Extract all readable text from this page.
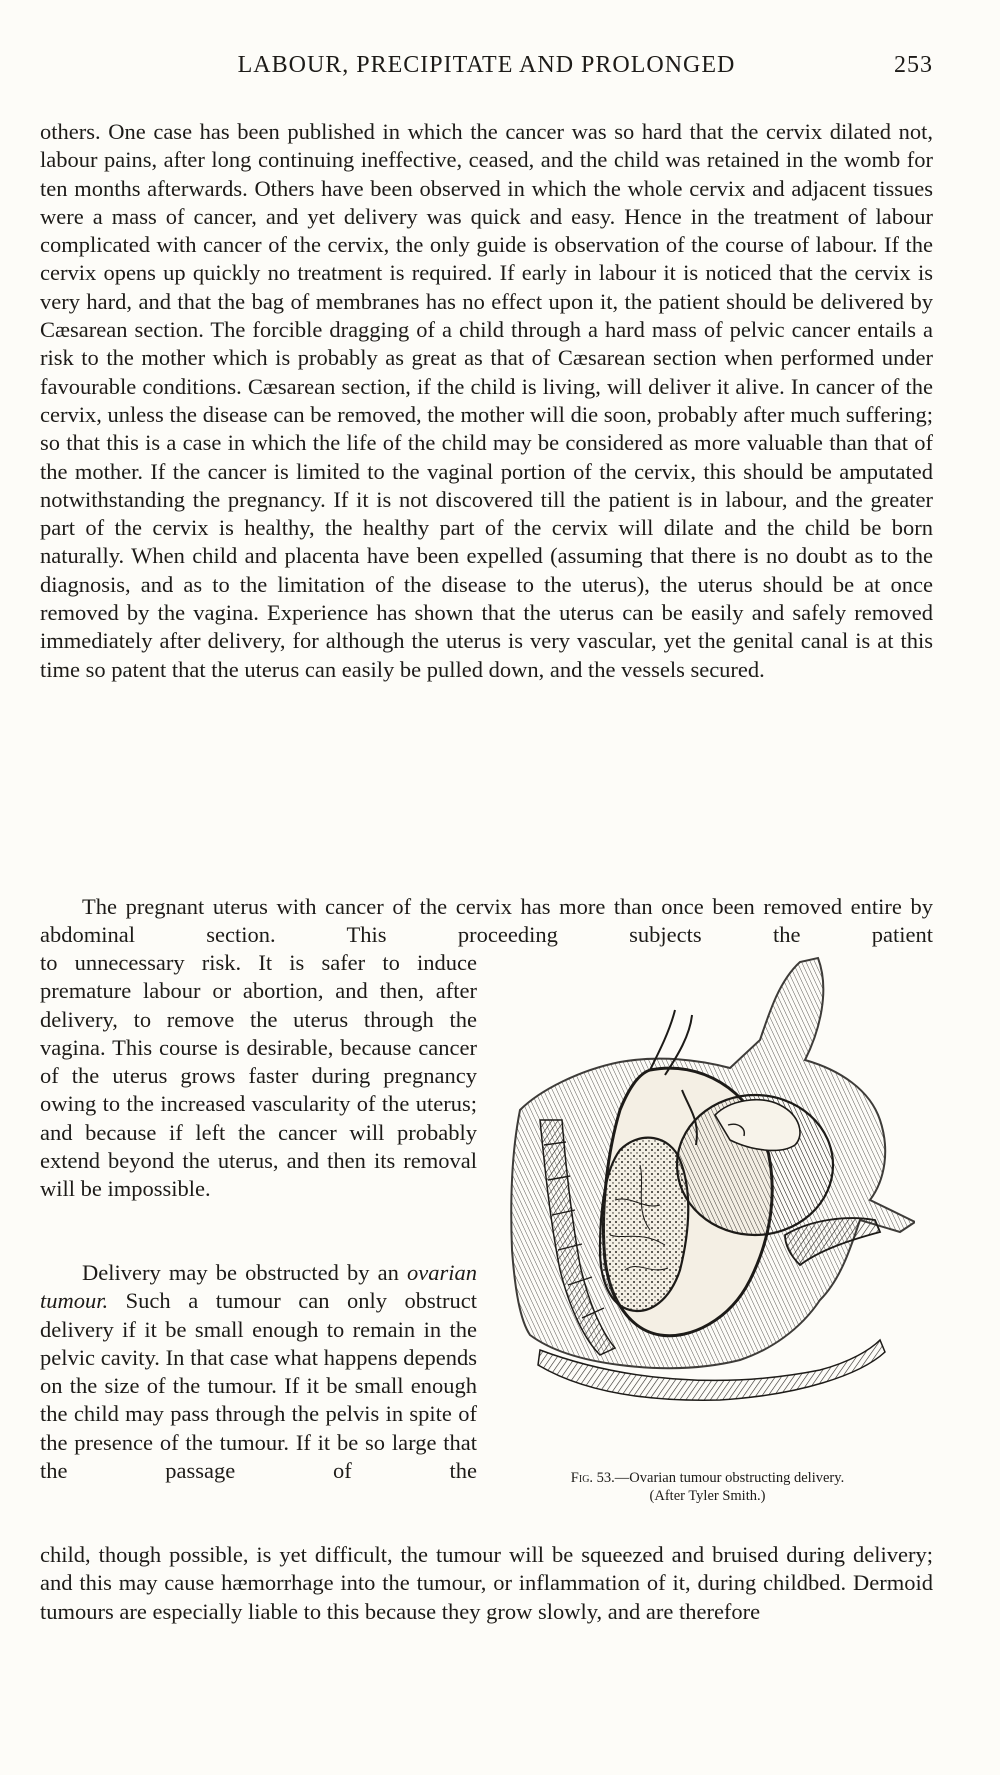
LABOUR, PRECIPITATE AND PROLONGED	253

others. One case has been published in which the cancer was so hard that the cervix dilated not, labour pains, after long continuing ineffective, ceased, and the child was retained in the womb for ten months afterwards. Others have been observed in which the whole cervix and adjacent tissues were a mass of cancer, and yet delivery was quick and easy. Hence in the treatment of labour complicated with cancer of the cervix, the only guide is observation of the course of labour. If the cervix opens up quickly no treatment is required. If early in labour it is noticed that the cervix is very hard, and that the bag of membranes has no effect upon it, the patient should be delivered by Cæsarean section. The forcible dragging of a child through a hard mass of pelvic cancer entails a risk to the mother which is probably as great as that of Cæsarean section when performed under favourable conditions. Cæsarean section, if the child is living, will deliver it alive. In cancer of the cervix, unless the disease can be removed, the mother will die soon, probably after much suffering; so that this is a case in which the life of the child may be considered as more valuable than that of the mother. If the cancer is limited to the vaginal portion of the cervix, this should be amputated notwithstanding the pregnancy. If it is not discovered till the patient is in labour, and the greater part of the cervix is healthy, the healthy part of the cervix will dilate and the child be born naturally. When child and placenta have been expelled (assuming that there is no doubt as to the diagnosis, and as to the limitation of the disease to the uterus), the uterus should be at once removed by the vagina. Experience has shown that the uterus can be easily and safely removed immediately after delivery, for although the uterus is very vascular, yet the genital canal is at this time so patent that the uterus can easily be pulled down, and the vessels secured.

The pregnant uterus with cancer of the cervix has more than once been removed entire by abdominal section. This proceeding subjects the patient

to unnecessary risk. It is safer to induce premature labour or abortion, and then, after delivery, to remove the uterus through the vagina. This course is desirable, because cancer of the uterus grows faster during pregnancy owing to the increased vascularity of the uterus; and because if left the cancer will probably extend beyond the uterus, and then its removal will be impossible.

Delivery may be obstructed by an ovarian tumour. Such a tumour can only obstruct delivery if it be small enough to remain in the pelvic cavity. In that case what happens depends on the size of the tumour. If it be small enough the child may pass through the pelvis in spite of the presence of the tumour. If it be so large that the passage of the

child, though possible, is yet difficult, the tumour will be squeezed and bruised during delivery; and this may cause hæmorrhage into the tumour, or inflammation of it, during childbed. Dermoid tumours are especially liable to this because they grow slowly, and are therefore

Fig. 53.—Ovarian tumour obstructing delivery.
(After Tyler Smith.)
